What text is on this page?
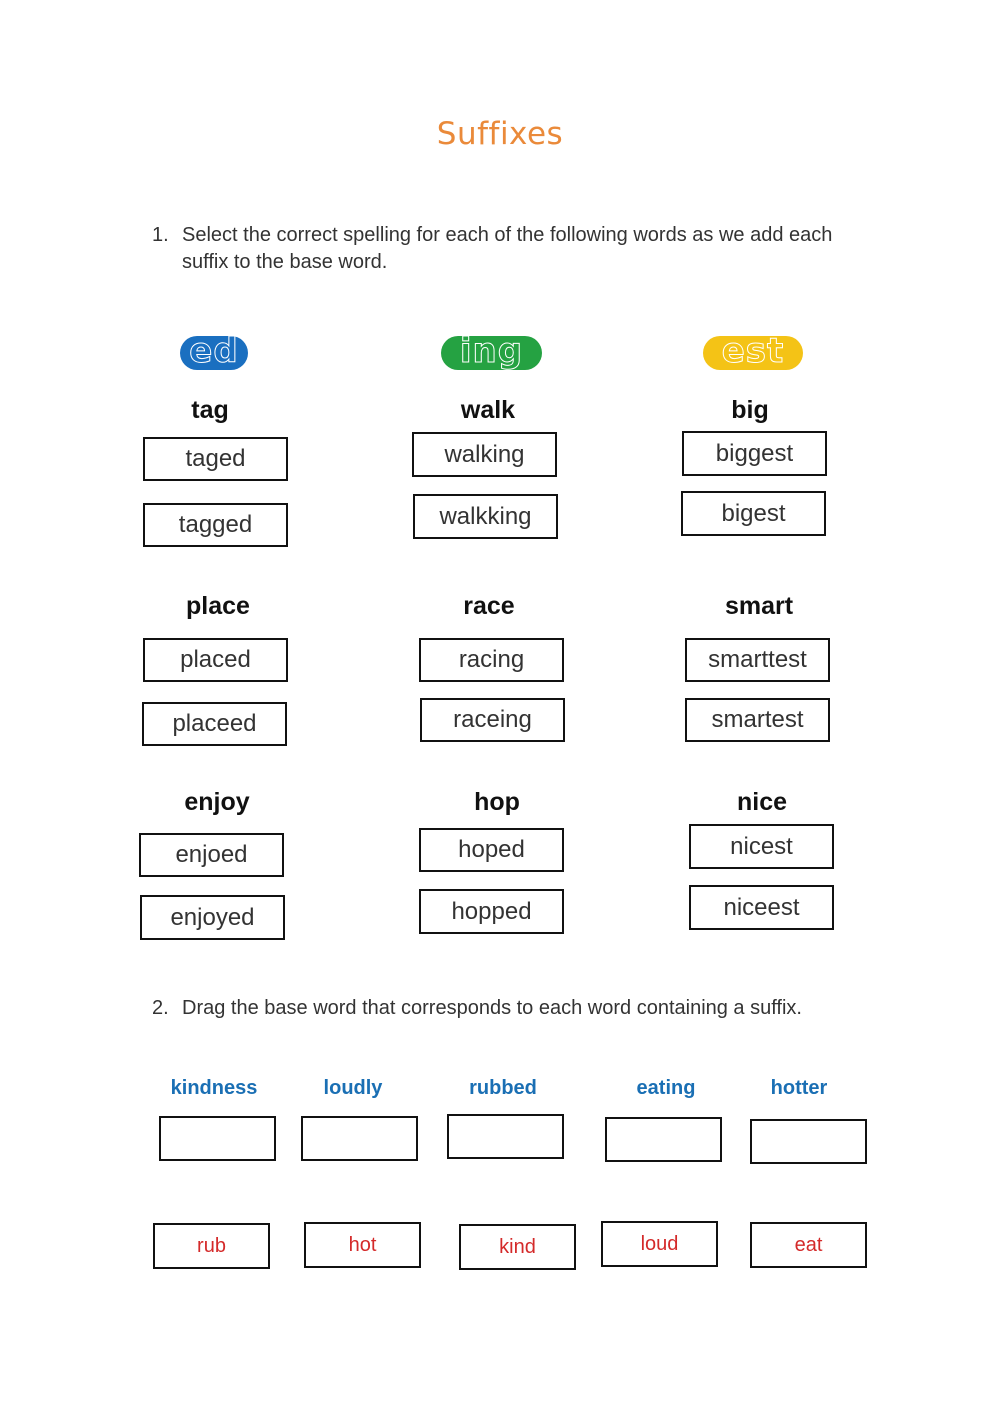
Suffixes
1. Select the correct spelling for each of the following words as we add each suffix to the base word.
ed	ing	est
tag
taged
tagged
walk
walking
walkking
big
biggest
bigest
place
placed
placeed
race
racing
raceing
smart
smarttest
smartest
enjoy
enjoed
enjoyed
hop
hoped
hopped
nice
nicest
niceest
2. Drag the base word that corresponds to each word containing a suffix.
kindness	loudly	rubbed	eating	hotter
rub	hot	kind	loud	eat
